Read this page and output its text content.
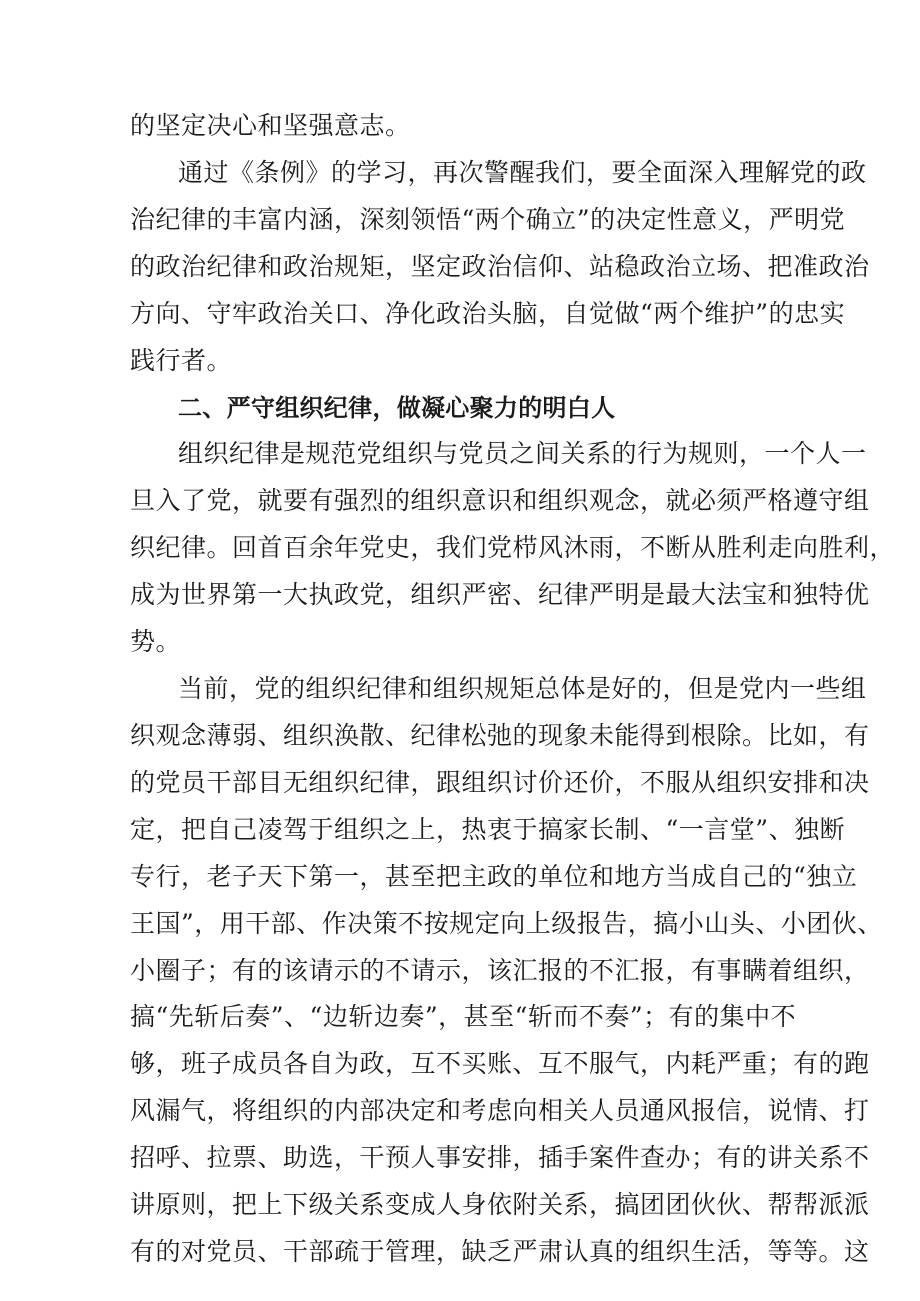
的坚定决心和坚强意志。
通过《条例》的学习，再次警醒我们，要全面深入理解党的政
治纪律的丰富内涵，深刻领悟“两个确立”的决定性意义，严明党
的政治纪律和政治规矩，坚定政治信仰、站稳政治立场、把准政治
方向、守牢政治关口、净化政治头脑，自觉做“两个维护”的忠实
践行者。
二、严守组织纪律，做凝心聚力的明白人
组织纪律是规范党组织与党员之间关系的行为规则，一个人一
旦入了党，就要有强烈的组织意识和组织观念，就必须严格遵守组
织纪律。回首百余年党史，我们党栉风沐雨，不断从胜利走向胜利，
成为世界第一大执政党，组织严密、纪律严明是最大法宝和独特优
势。
当前，党的组织纪律和组织规矩总体是好的，但是党内一些组
织观念薄弱、组织涣散、纪律松弛的现象未能得到根除。比如，有
的党员干部目无组织纪律，跟组织讨价还价，不服从组织安排和决
定，把自己凌驾于组织之上，热衷于搞家长制、“一言堂”、独断
专行，老子天下第一，甚至把主政的单位和地方当成自己的“独立
王国”，用干部、作决策不按规定向上级报告，搞小山头、小团伙、
小圈子；有的该请示的不请示，该汇报的不汇报，有事瞒着组织，
搞“先斩后奏”、“边斩边奏”，甚至“斩而不奏”；有的集中不
够，班子成员各自为政，互不买账、互不服气，内耗严重；有的跑
风漏气，将组织的内部决定和考虑向相关人员通风报信，说情、打
招呼、拉票、助选，干预人事安排，插手案件查办；有的讲关系不
讲原则，把上下级关系变成人身依附关系，搞团团伙伙、帮帮派派
有的对党员、干部疏于管理，缺乏严肃认真的组织生活，等等。这
